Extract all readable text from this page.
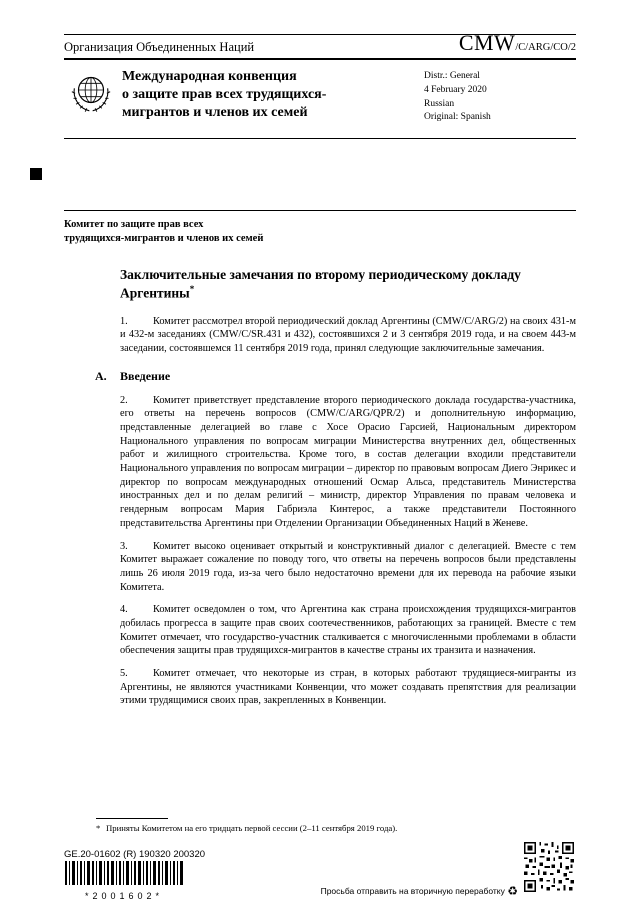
Организация Объединенных Наций	CMW/C/ARG/CO/2
Международная конвенция
о защите прав всех трудящихся-
мигрантов и членов их семей
Distr.: General
4 February 2020
Russian
Original: Spanish
Комитет по защите прав всех
трудящихся-мигрантов и членов их семей
Заключительные замечания по второму периодическому докладу Аргентины*

1. Комитет рассмотрел второй периодический доклад Аргентины (CMW/C/ARG/2) на своих 431-м и 432-м заседаниях (CMW/C/SR.431 и 432), состоявшихся 2 и 3 сентября 2019 года, и на своем 443-м заседании, состоявшемся 11 сентября 2019 года, принял следующие заключительные замечания.

A. Введение

2. Комитет приветствует представление второго периодического доклада государства-участника, его ответы на перечень вопросов (CMW/C/ARG/QPR/2) и дополнительную информацию, представленные делегацией во главе с Хосе Орасио Гарсией, Национальным директором Национального управления по вопросам миграции Министерства внутренних дел, общественных работ и жилищного строительства. Кроме того, в состав делегации входили представители Национального управления по вопросам миграции – директор по правовым вопросам Диего Энрикес и директор по вопросам международных отношений Осмар Альса, представитель Министерства иностранных дел и по делам религий – министр, директор Управления по правам человека и гендерным вопросам Мария Габриэла Кинтерос, а также представители Постоянного представительства Аргентины при Отделении Организации Объединенных Наций в Женеве.

3. Комитет высоко оценивает открытый и конструктивный диалог с делегацией. Вместе с тем Комитет выражает сожаление по поводу того, что ответы на перечень вопросов были представлены лишь 26 июля 2019 года, из-за чего было недостаточно времени для их перевода на рабочие языки Комитета.

4. Комитет осведомлен о том, что Аргентина как страна происхождения трудящихся-мигрантов добилась прогресса в защите прав своих соотечественников, работающих за границей. Вместе с тем Комитет отмечает, что государство-участник сталкивается с многочисленными проблемами в области обеспечения защиты прав трудящихся-мигрантов в качестве страны их транзита и назначения.

5. Комитет отмечает, что некоторые из стран, в которых работают трудящиеся-мигранты из Аргентины, не являются участниками Конвенции, что может создавать препятствия для реализации этими трудящимися своих прав, закрепленных в Конвенции.

* Приняты Комитетом на его тридцать первой сессии (2–11 сентября 2019 года).
GE.20-01602 (R) 190320 200320
*2001602*	Просьба отправить на вторичную переработку ♻
